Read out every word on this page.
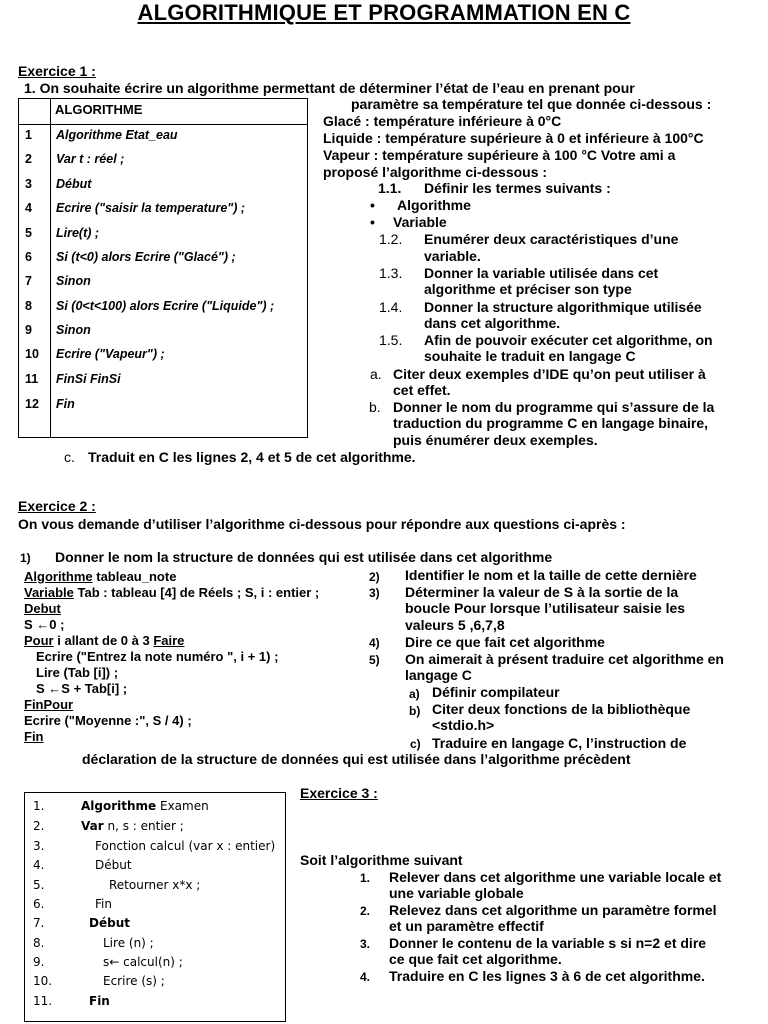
ALGORITHMIQUE ET PROGRAMMATION EN C
Exercice 1 :
1. On souhaite écrire un algorithme permettant de déterminer l’état de l’eau en prenant pour
paramètre sa température tel que donnée ci-dessous :
Glacé : température inférieure à 0°C
Liquide : température supérieure à 0 et inférieure à 100°C
Vapeur : température supérieure à 100 °C Votre ami a
proposé l’algorithme ci-dessous :
ALGORITHME
1 Algorithme Etat_eau
2 Var t : réel ;
3 Début
4 Ecrire ("saisir la temperature") ;
5 Lire(t) ;
6 Si (t<0) alors Ecrire ("Glacé") ;
7 Sinon
8 Si (0<t<100) alors Ecrire ("Liquide") ;
9 Sinon
10 Ecrire ("Vapeur") ;
11 FinSi FinSi
12 Fin
1.1. Définir les termes suivants :
• Algorithme
• Variable
1.2. Enumérer deux caractéristiques d’une
variable.
1.3. Donner la variable utilisée dans cet
algorithme et préciser son type
1.4. Donner la structure algorithmique utilisée
dans cet algorithme.
1.5. Afin de pouvoir exécuter cet algorithme, on
souhaite le traduit en langage C
a. Citer deux exemples d’IDE qu’on peut utiliser à
cet effet.
b. Donner le nom du programme qui s’assure de la
traduction du programme C en langage binaire,
puis énumérer deux exemples.
c. Traduit en C les lignes 2, 4 et 5 de cet algorithme.
Exercice 2 :
On vous demande d’utiliser l’algorithme ci-dessous pour répondre aux questions ci-après :
1) Donner le nom la structure de données qui est utilisée dans cet algorithme
Algorithme tableau_note
Variable Tab : tableau [4] de Réels ; S, i : entier ;
Debut
S ←0 ;
Pour i allant de 0 à 3 Faire
Ecrire ("Entrez la note numéro ", i + 1) ;
Lire (Tab [i]) ;
S ←S + Tab[i] ;
FinPour
Ecrire ("Moyenne :", S / 4) ;
Fin
2) Identifier le nom et la taille de cette dernière
3) Déterminer la valeur de S à la sortie de la
boucle Pour lorsque l’utilisateur saisie les
valeurs 5 ,6,7,8
4) Dire ce que fait cet algorithme
5) On aimerait à présent traduire cet algorithme en
langage C
a) Définir compilateur
b) Citer deux fonctions de la bibliothèque
<stdio.h>
c) Traduire en langage C, l’instruction de
déclaration de la structure de données qui est utilisée dans l’algorithme précèdent
1.	Algorithme Examen
2.	Var n, s : entier ;
3.	Fonction calcul (var x : entier)
4.	Début
5.	Retourner x*x ;
6.	Fin
7.	Début
8.	Lire (n) ;
9.	s← calcul(n) ;
10.	Ecrire (s) ;
11.	Fin
Exercice 3 :
Soit l’algorithme suivant
1. Relever dans cet algorithme une variable locale et
une variable globale
2. Relevez dans cet algorithme un paramètre formel
et un paramètre effectif
3. Donner le contenu de la variable s si n=2 et dire
ce que fait cet algorithme.
4. Traduire en C les lignes 3 à 6 de cet algorithme.
